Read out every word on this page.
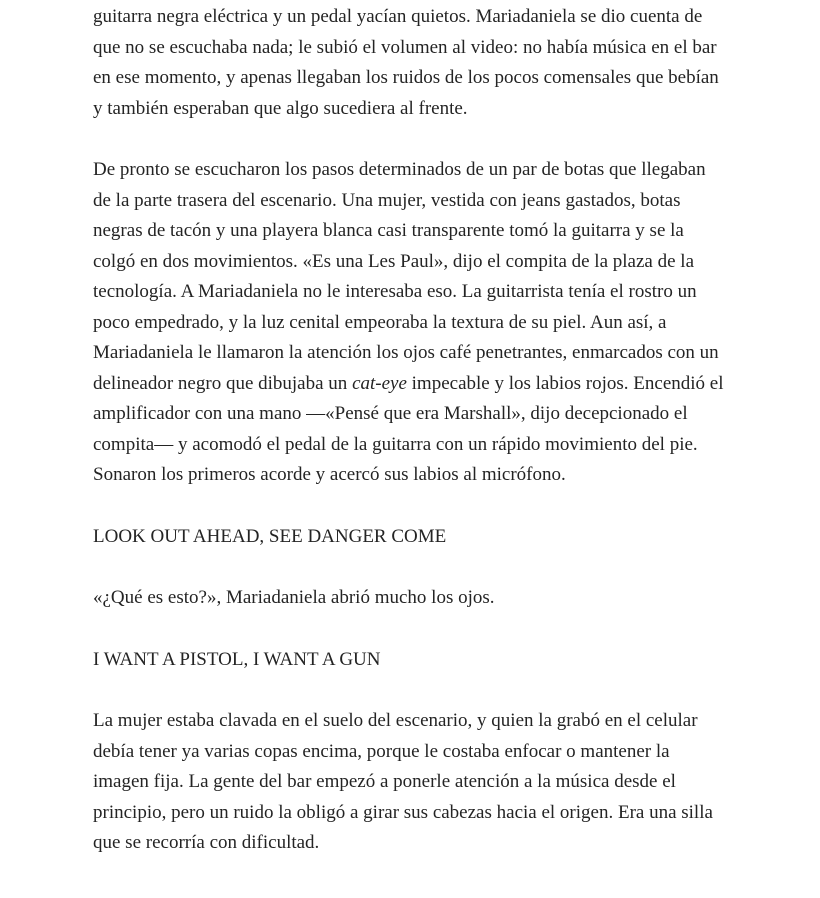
guitarra negra eléctrica y un pedal yacían quietos. Mariadaniela se dio cuenta de que no se escuchaba nada; le subió el volumen al video: no había música en el bar en ese momento, y apenas llegaban los ruidos de los pocos comensales que bebían y también esperaban que algo sucediera al frente.

De pronto se escucharon los pasos determinados de un par de botas que llegaban de la parte trasera del escenario. Una mujer, vestida con jeans gastados, botas negras de tacón y una playera blanca casi transparente tomó la guitarra y se la colgó en dos movimientos. «Es una Les Paul», dijo el compita de la plaza de la tecnología. A Mariadaniela no le interesaba eso. La guitarrista tenía el rostro un poco empedrado, y la luz cenital empeoraba la textura de su piel. Aun así, a Mariadaniela le llamaron la atención los ojos café penetrantes, enmarcados con un delineador negro que dibujaba un cat-eye impecable y los labios rojos. Encendió el amplificador con una mano —«Pensé que era Marshall», dijo decepcionado el compita— y acomodó el pedal de la guitarra con un rápido movimiento del pie. Sonaron los primeros acorde y acercó sus labios al micrófono.

LOOK OUT AHEAD, SEE DANGER COME

«¿Qué es esto?», Mariadaniela abrió mucho los ojos.

I WANT A PISTOL, I WANT A GUN

La mujer estaba clavada en el suelo del escenario, y quien la grabó en el celular debía tener ya varias copas encima, porque le costaba enfocar o mantener la imagen fija. La gente del bar empezó a ponerle atención a la música desde el principio, pero un ruido la obligó a girar sus cabezas hacia el origen. Era una silla que se recorría con dificultad.
